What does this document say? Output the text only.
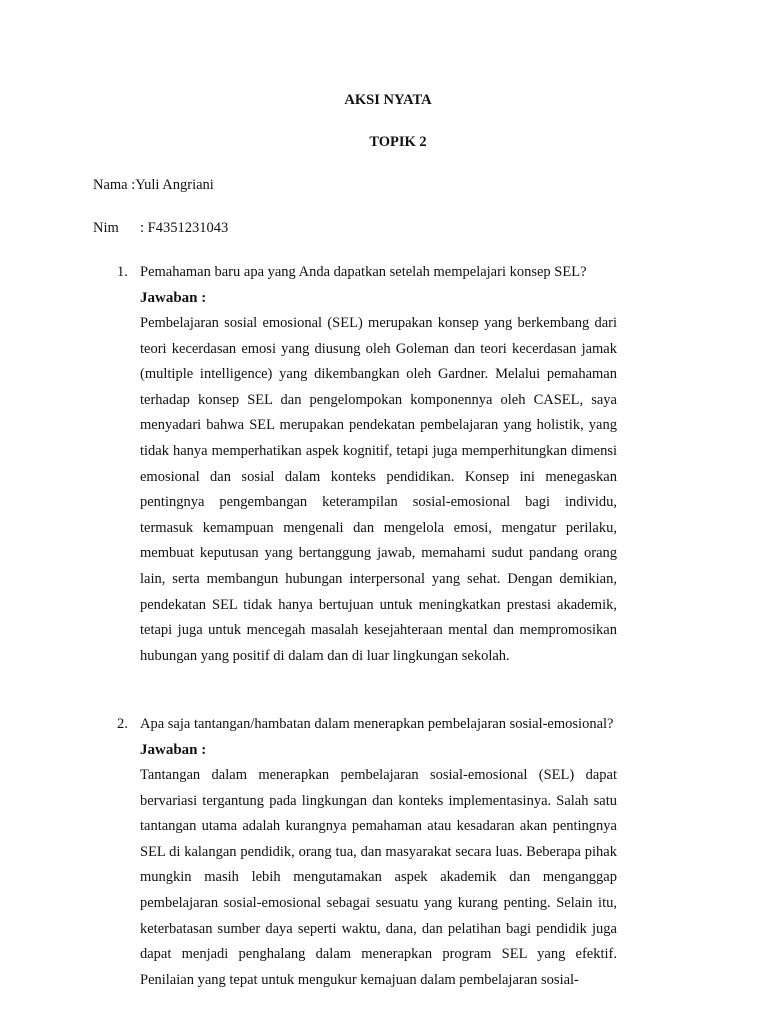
AKSI NYATA
TOPIK 2
Nama :Yuli Angriani
Nim : F4351231043
1. Pemahaman baru apa yang Anda dapatkan setelah mempelajari konsep SEL?
Jawaban :

Pembelajaran sosial emosional (SEL) merupakan konsep yang berkembang dari teori kecerdasan emosi yang diusung oleh Goleman dan teori kecerdasan jamak (multiple intelligence) yang dikembangkan oleh Gardner. Melalui pemahaman terhadap konsep SEL dan pengelompokan komponennya oleh CASEL, saya menyadari bahwa SEL merupakan pendekatan pembelajaran yang holistik, yang tidak hanya memperhatikan aspek kognitif, tetapi juga memperhitungkan dimensi emosional dan sosial dalam konteks pendidikan. Konsep ini menegaskan pentingnya pengembangan keterampilan sosial-emosional bagi individu, termasuk kemampuan mengenali dan mengelola emosi, mengatur perilaku, membuat keputusan yang bertanggung jawab, memahami sudut pandang orang lain, serta membangun hubungan interpersonal yang sehat. Dengan demikian, pendekatan SEL tidak hanya bertujuan untuk meningkatkan prestasi akademik, tetapi juga untuk mencegah masalah kesejahteraan mental dan mempromosikan hubungan yang positif di dalam dan di luar lingkungan sekolah.

2. Apa saja tantangan/hambatan dalam menerapkan pembelajaran sosial-emosional?
Jawaban :

Tantangan dalam menerapkan pembelajaran sosial-emosional (SEL) dapat bervariasi tergantung pada lingkungan dan konteks implementasinya. Salah satu tantangan utama adalah kurangnya pemahaman atau kesadaran akan pentingnya SEL di kalangan pendidik, orang tua, dan masyarakat secara luas. Beberapa pihak mungkin masih lebih mengutamakan aspek akademik dan menganggap pembelajaran sosial-emosional sebagai sesuatu yang kurang penting. Selain itu, keterbatasan sumber daya seperti waktu, dana, dan pelatihan bagi pendidik juga dapat menjadi penghalang dalam menerapkan program SEL yang efektif. Penilaian yang tepat untuk mengukur kemajuan dalam pembelajaran sosial-
